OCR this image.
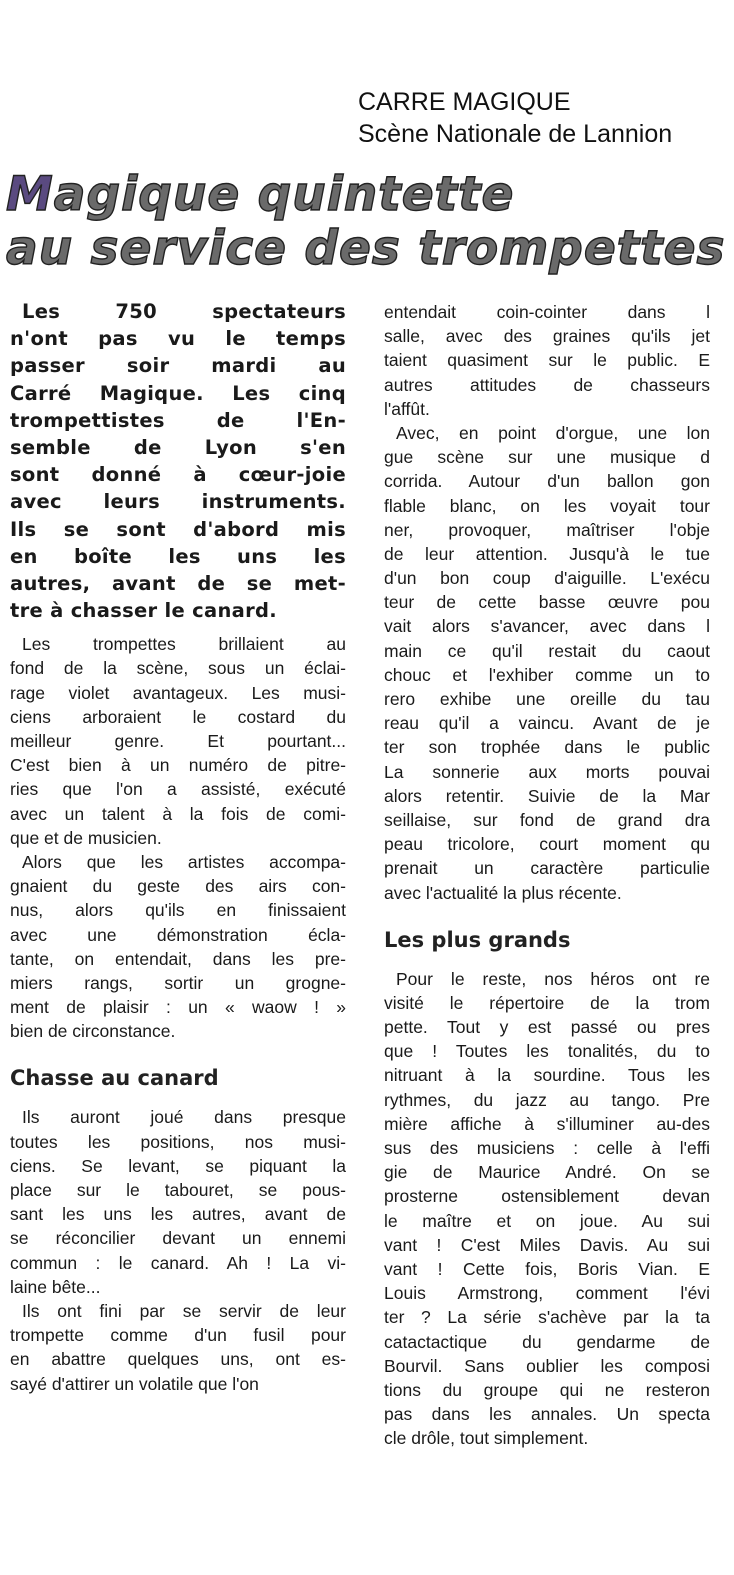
CARRE MAGIQUE
Scène Nationale de Lannion
Magique quintette
au service des trompettes
Les 750 spectateurs
n'ont pas vu le temps
passer soir mardi au
Carré Magique. Les cinq
trompettistes de l'En-
semble de Lyon s'en
sont donné à cœur-joie
avec leurs instruments.
Ils se sont d'abord mis
en boîte les uns les
autres, avant de se met-
tre à chasser le canard.
Les trompettes brillaient au
fond de la scène, sous un éclai-
rage violet avantageux. Les musi-
ciens arboraient le costard du
meilleur genre. Et pourtant...
C'est bien à un numéro de pitre-
ries que l'on a assisté, exécuté
avec un talent à la fois de comi-
que et de musicien.
Alors que les artistes accompa-
gnaient du geste des airs con-
nus, alors qu'ils en finissaient
avec une démonstration écla-
tante, on entendait, dans les pre-
miers rangs, sortir un grogne-
ment de plaisir : un « waow ! »
bien de circonstance.
Chasse au canard
Ils auront joué dans presque
toutes les positions, nos musi-
ciens. Se levant, se piquant la
place sur le tabouret, se pous-
sant les uns les autres, avant de
se réconcilier devant un ennemi
commun : le canard. Ah ! La vi-
laine bête...
Ils ont fini par se servir de leur
trompette comme d'un fusil pour
en abattre quelques uns, ont es-
sayé d'attirer un volatile que l'on
entendait coin-cointer dans l
salle, avec des graines qu'ils jet
taient quasiment sur le public. E
autres attitudes de chasseurs
l'affût.
Avec, en point d'orgue, une lon
gue scène sur une musique d
corrida. Autour d'un ballon gon
flable blanc, on les voyait tour
ner, provoquer, maîtriser l'obje
de leur attention. Jusqu'à le tue
d'un bon coup d'aiguille. L'exécu
teur de cette basse œuvre pou
vait alors s'avancer, avec dans l
main ce qu'il restait du caout
chouc et l'exhiber comme un to
rero exhibe une oreille du tau
reau qu'il a vaincu. Avant de je
ter son trophée dans le public
La sonnerie aux morts pouvai
alors retentir. Suivie de la Mar
seillaise, sur fond de grand dra
peau tricolore, court moment qu
prenait un caractère particulie
avec l'actualité la plus récente.
Les plus grands
Pour le reste, nos héros ont re
visité le répertoire de la trom
pette. Tout y est passé ou pres
que ! Toutes les tonalités, du to
nitruant à la sourdine. Tous les
rythmes, du jazz au tango. Pre
mière affiche à s'illuminer au-des
sus des musiciens : celle à l'effi
gie de Maurice André. On se
prosterne ostensiblement devan
le maître et on joue. Au sui
vant ! C'est Miles Davis. Au sui
vant ! Cette fois, Boris Vian. E
Louis Armstrong, comment l'évi
ter ? La série s'achève par la ta
catactactique du gendarme de
Bourvil. Sans oublier les composi
tions du groupe qui ne resteron
pas dans les annales. Un specta
cle drôle, tout simplement.
